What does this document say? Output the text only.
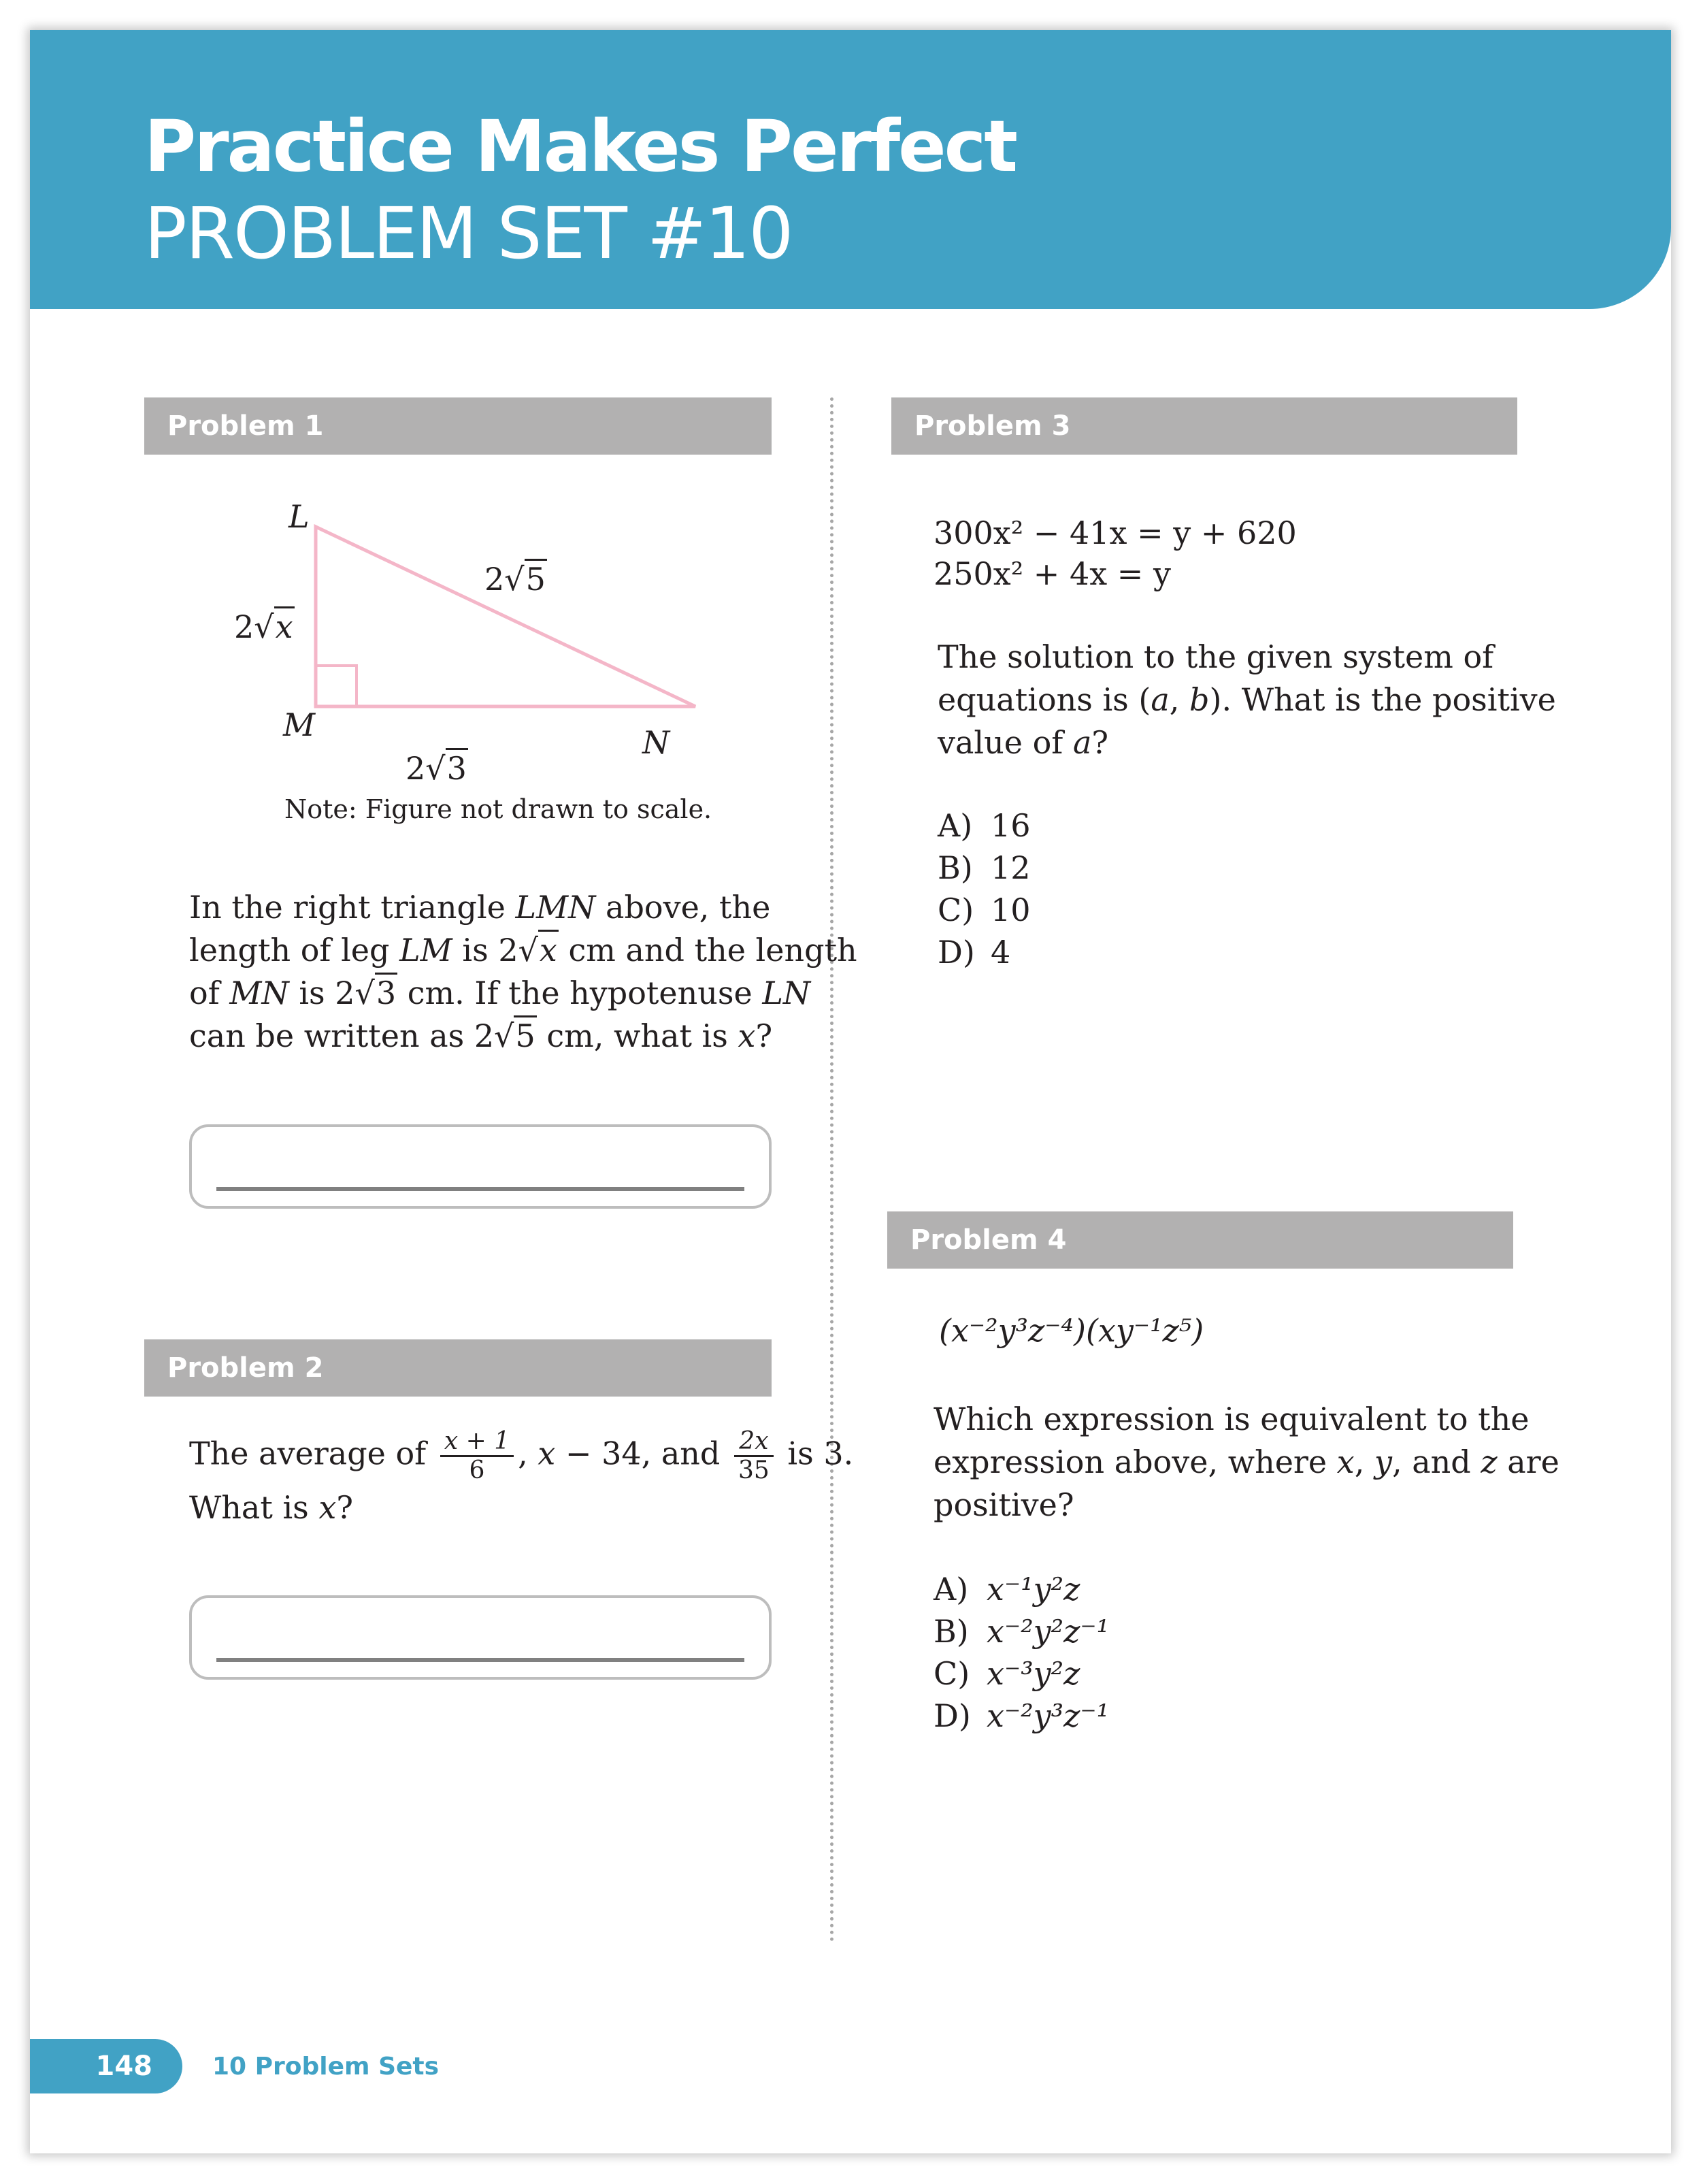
Practice Makes Perfect
PROBLEM SET #10
Problem 1
L
M	N
2√x
2√5
2√3
Note: Figure not drawn to scale.
In the right triangle LMN above, the
length of leg LM is 2√x cm and the length
of MN is 2√3 cm. If the hypotenuse LN
can be written as 2√5 cm, what is x?
Problem 2
The average of $\frac{x + 1}{6}$ , x − 34, and $\frac{2x}{35}$ is 3.
What is x?
Problem 3
300x² − 41x = y + 620
250x² + 4x = y
The solution to the given system of
equations is (a, b). What is the positive
value of a?
A) 16
B) 12
C) 10
D) 4
Problem 4
(x⁻²y³z⁻⁴)(xy⁻¹z⁵)
Which expression is equivalent to the
expression above, where x, y, and z are
positive?
A) x⁻¹y²z
B) x⁻²y²z⁻¹
C) x⁻³y²z
D) x⁻²y³z⁻¹
148	10 Problem Sets
